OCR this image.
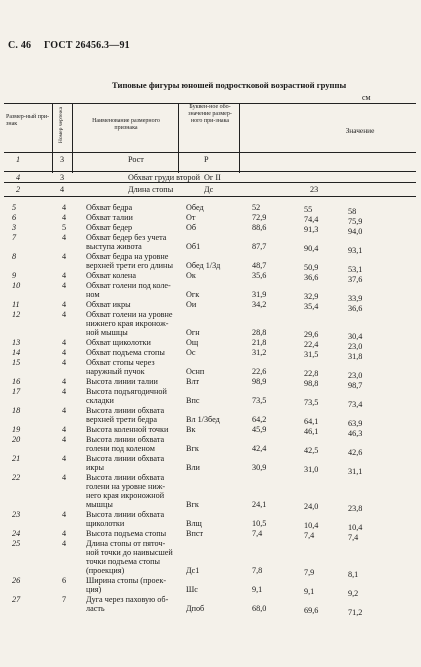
С. 46 ГОСТ 26456.3—91
Типовые фигуры юношей подростковой возрастной группы
см
Размер-ный при-знак	Номер чертежа	Наименование размерного признака
Буквен-ное обо-значение размер-ного при-знака
Значение
1	3	Рост	Р
4	3	Обхват груди второй Ог II
2	4	Длина стопы	Дс	23
5	4 Обхват бедра	Обед	52	55	58
6	4 Обхват талии	От	72,9	74,4	75,9
3	5 Обхват бедер	Об	88,6	91,3	94,0
7	4 Обхват бедер без учета
выступа живота	Об1	87,7	90,4	93,1
8	4 Обхват бедра на уровне
верхней трети его длины Обед 1/3д	48,7	50,9	53,1
9	4 Обхват колена	Ок	35,6	36,6	37,6
10	4 Обхват голени под коле-
ном	Огк	31,9	32,9	33,9
11	4 Обхват икры	Ои	34,2	35,4	36,6
12	4 Обхват голени на уровне
нижнего края икронож-
ной мышцы	Огн	28,8	29,6	30,4
13	4 Обхват щиколотки	Ощ	21,8	22,4	23,0
14	4 Обхват подъема стопы	Ос	31,2	31,5	31,8
15	4 Обхват стопы через
наружный пучок	Оснп	22,6	22,8	23,0
16	4 Высота линии талии	Влт	98,9	98,8	98,7
17	4 Высота подъягодичной
складки	Впс	73,5	73,5	73,4
18	4 Высота линии обхвата
верхней трети бедра	Вл 1/3бед	64,2	64,1	63,9
19	4 Высота коленной точки Вк	45,9	46,1	46,3
20	4 Высота линии обхвата
голени под коленом	Вгк	42,4	42,5	42,6
21	4 Высота линии обхвата
икры	Вли	30,9	31,0	31,1
22	4 Высота линии обхвата
голени на уровне ниж-
него края икроножной
мышцы	Вгк	24,1	24,0	23,8
23	4 Высота линии обхвата
щиколотки	Влщ	10,5	10,4	10,4
24	4 Высота подъема стопы Впст	7,4	7,4	7,4
25	4 Длина стопы от пяточ-
ной точки до наивысшей
точки подъема стопы
(проекция)	Дс1	7,8	7,9	8,1
26	6 Ширина стопы (проек-
ция)	Шс	9,1	9,1	9,2
27	7 Дуга через паховую об-
ласть	Дпоб	68,0	69,6	71,2
